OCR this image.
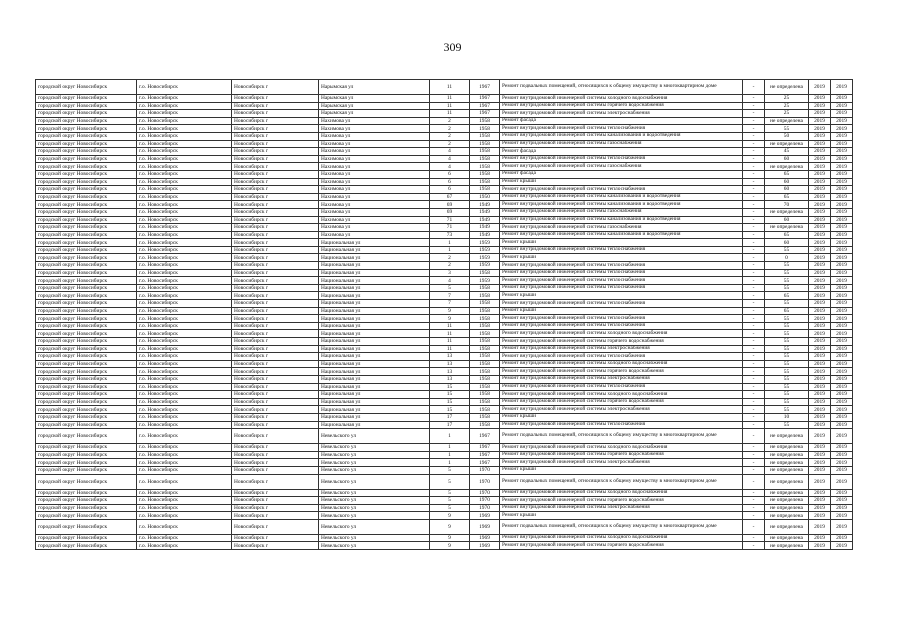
309
городской округ Новосибирск	г.о. Новосибирск	Новосибирск г	Нарымская ул	11	1967	Ремонт подвальных помещений, относящихся к общему имуществу в многоквартирном доме	-	не определена	2019	2019
городской округ Новосибирск	г.о. Новосибирск	Новосибирск г	Нарымская ул	11	1967	Ремонт внутридомовой инженерной системы холодного водоснабжения	-	25	2019	2019
городской округ Новосибирск	г.о. Новосибирск	Новосибирск г	Нарымская ул	11	1967	Ремонт внутридомовой инженерной системы горячего водоснабжения	-	25	2019	2019
городской округ Новосибирск	г.о. Новосибирск	Новосибирск г	Нарымская ул	11	1967	Ремонт внутридомовой инженерной системы электроснабжения	-	25	2019	2019
городской округ Новосибирск	г.о. Новосибирск	Новосибирск г	Нахимова ул	2	1958	Ремонт фасада	-	не определена	2019	2019
городской округ Новосибирск	г.о. Новосибирск	Новосибирск г	Нахимова ул	2	1958	Ремонт внутридомовой инженерной системы теплоснабжения	-	55	2019	2019
городской округ Новосибирск	г.о. Новосибирск	Новосибирск г	Нахимова ул	2	1958	Ремонт внутридомовой инженерной системы канализования и водоотведения	-	50	2019	2019
городской округ Новосибирск	г.о. Новосибирск	Новосибирск г	Нахимова ул	2	1958	Ремонт внутридомовой инженерной системы газоснабжения	-	не определена	2019	2019
городской округ Новосибирск	г.о. Новосибирск	Новосибирск г	Нахимова ул	4	1958	Ремонт фасада	-	45	2019	2019
городской округ Новосибирск	г.о. Новосибирск	Новосибирск г	Нахимова ул	4	1958	Ремонт внутридомовой инженерной системы теплоснабжения	-	60	2019	2019
городской округ Новосибирск	г.о. Новосибирск	Новосибирск г	Нахимова ул	4	1958	Ремонт внутридомовой инженерной системы газоснабжения	-	не определена	2019	2019
городской округ Новосибирск	г.о. Новосибирск	Новосибирск г	Нахимова ул	6	1958	Ремонт фасада	-	65	2019	2019
городской округ Новосибирск	г.о. Новосибирск	Новосибирск г	Нахимова ул	6	1958	Ремонт крыши	-	60	2019	2019
городской округ Новосибирск	г.о. Новосибирск	Новосибирск г	Нахимова ул	6	1958	Ремонт внутридомовой инженерной системы теплоснабжения	-	60	2019	2019
городской округ Новосибирск	г.о. Новосибирск	Новосибирск г	Нахимова ул	67	1950	Ремонт внутридомовой инженерной системы канализования и водоотведения	-	65	2019	2019
городской округ Новосибирск	г.о. Новосибирск	Новосибирск г	Нахимова ул	69	1949	Ремонт внутридомовой инженерной системы канализования и водоотведения	-	70	2019	2019
городской округ Новосибирск	г.о. Новосибирск	Новосибирск г	Нахимова ул	69	1949	Ремонт внутридомовой инженерной системы газоснабжения	-	не определена	2019	2019
городской округ Новосибирск	г.о. Новосибирск	Новосибирск г	Нахимова ул	71	1949	Ремонт внутридомовой инженерной системы канализования и водоотведения	-	60	2019	2019
городской округ Новосибирск	г.о. Новосибирск	Новосибирск г	Нахимова ул	71	1949	Ремонт внутридомовой инженерной системы газоснабжения	-	не определена	2019	2019
городской округ Новосибирск	г.о. Новосибирск	Новосибирск г	Нахимова ул	73	1949	Ремонт внутридомовой инженерной системы канализования и водоотведения	-	65	2019	2019
городской округ Новосибирск	г.о. Новосибирск	Новосибирск г	Национальная ул	1	1959	Ремонт крыши	-	60	2019	2019
городской округ Новосибирск	г.о. Новосибирск	Новосибирск г	Национальная ул	1	1959	Ремонт внутридомовой инженерной системы теплоснабжения	-	55	2019	2019
городской округ Новосибирск	г.о. Новосибирск	Новосибирск г	Национальная ул	2	1959	Ремонт крыши	-	0	2019	2019
городской округ Новосибирск	г.о. Новосибирск	Новосибирск г	Национальная ул	2	1959	Ремонт внутридомовой инженерной системы теплоснабжения	-	55	2019	2019
городской округ Новосибирск	г.о. Новосибирск	Новосибирск г	Национальная ул	3	1958	Ремонт внутридомовой инженерной системы теплоснабжения	-	55	2019	2019
городской округ Новосибирск	г.о. Новосибирск	Новосибирск г	Национальная ул	4	1959	Ремонт внутридомовой инженерной системы теплоснабжения	-	55	2019	2019
городской округ Новосибирск	г.о. Новосибирск	Новосибирск г	Национальная ул	5	1958	Ремонт внутридомовой инженерной системы теплоснабжения	-	55	2019	2019
городской округ Новосибирск	г.о. Новосибирск	Новосибирск г	Национальная ул	7	1958	Ремонт крыши	-	65	2019	2019
городской округ Новосибирск	г.о. Новосибирск	Новосибирск г	Национальная ул	7	1958	Ремонт внутридомовой инженерной системы теплоснабжения	-	55	2019	2019
городской округ Новосибирск	г.о. Новосибирск	Новосибирск г	Национальная ул	9	1958	Ремонт крыши	-	65	2019	2019
городской округ Новосибирск	г.о. Новосибирск	Новосибирск г	Национальная ул	9	1958	Ремонт внутридомовой инженерной системы теплоснабжения	-	55	2019	2019
городской округ Новосибирск	г.о. Новосибирск	Новосибирск г	Национальная ул	11	1958	Ремонт внутридомовой инженерной системы теплоснабжения	-	55	2019	2019
городской округ Новосибирск	г.о. Новосибирск	Новосибирск г	Национальная ул	11	1958	Ремонт внутридомовой инженерной системы холодного водоснабжения	-	55	2019	2019
городской округ Новосибирск	г.о. Новосибирск	Новосибирск г	Национальная ул	11	1958	Ремонт внутридомовой инженерной системы горячего водоснабжения	-	55	2019	2019
городской округ Новосибирск	г.о. Новосибирск	Новосибирск г	Национальная ул	11	1958	Ремонт внутридомовой инженерной системы электроснабжения	-	55	2019	2019
городской округ Новосибирск	г.о. Новосибирск	Новосибирск г	Национальная ул	13	1958	Ремонт внутридомовой инженерной системы теплоснабжения	-	55	2019	2019
городской округ Новосибирск	г.о. Новосибирск	Новосибирск г	Национальная ул	13	1958	Ремонт внутридомовой инженерной системы холодного водоснабжения	-	55	2019	2019
городской округ Новосибирск	г.о. Новосибирск	Новосибирск г	Национальная ул	13	1958	Ремонт внутридомовой инженерной системы горячего водоснабжения	-	55	2019	2019
городской округ Новосибирск	г.о. Новосибирск	Новосибирск г	Национальная ул	13	1958	Ремонт внутридомовой инженерной системы электроснабжения	-	55	2019	2019
городской округ Новосибирск	г.о. Новосибирск	Новосибирск г	Национальная ул	15	1958	Ремонт внутридомовой инженерной системы теплоснабжения	-	55	2019	2019
городской округ Новосибирск	г.о. Новосибирск	Новосибирск г	Национальная ул	15	1958	Ремонт внутридомовой инженерной системы холодного водоснабжения	-	55	2019	2019
городской округ Новосибирск	г.о. Новосибирск	Новосибирск г	Национальная ул	15	1958	Ремонт внутридомовой инженерной системы горячего водоснабжения	-	55	2019	2019
городской округ Новосибирск	г.о. Новосибирск	Новосибирск г	Национальная ул	15	1958	Ремонт внутридомовой инженерной системы электроснабжения	-	55	2019	2019
городской округ Новосибирск	г.о. Новосибирск	Новосибирск г	Национальная ул	17	1958	Ремонт крыши	-	10	2019	2019
городской округ Новосибирск	г.о. Новосибирск	Новосибирск г	Национальная ул	17	1958	Ремонт внутридомовой инженерной системы теплоснабжения	-	55	2019	2019
городской округ Новосибирск	г.о. Новосибирск	Новосибирск г	Невельского ул	1	1967	Ремонт подвальных помещений, относящихся к общему имуществу в многоквартирном доме	-	не определена	2019	2019
городской округ Новосибирск	г.о. Новосибирск	Новосибирск г	Невельского ул	1	1967	Ремонт внутридомовой инженерной системы холодного водоснабжения	-	не определена	2019	2019
городской округ Новосибирск	г.о. Новосибирск	Новосибирск г	Невельского ул	1	1967	Ремонт внутридомовой инженерной системы горячего водоснабжения	-	не определена	2019	2019
городской округ Новосибирск	г.о. Новосибирск	Новосибирск г	Невельского ул	1	1967	Ремонт внутридомовой инженерной системы электроснабжения	-	не определена	2019	2019
городской округ Новосибирск	г.о. Новосибирск	Новосибирск г	Невельского ул	5	1970	Ремонт крыши	-	не определена	2019	2019
городской округ Новосибирск	г.о. Новосибирск	Новосибирск г	Невельского ул	5	1970	Ремонт подвальных помещений, относящихся к общему имуществу в многоквартирном доме	-	не определена	2019	2019
городской округ Новосибирск	г.о. Новосибирск	Новосибирск г	Невельского ул	5	1970	Ремонт внутридомовой инженерной системы холодного водоснабжения	-	не определена	2019	2019
городской округ Новосибирск	г.о. Новосибирск	Новосибирск г	Невельского ул	5	1970	Ремонт внутридомовой инженерной системы горячего водоснабжения	-	не определена	2019	2019
городской округ Новосибирск	г.о. Новосибирск	Новосибирск г	Невельского ул	5	1970	Ремонт внутридомовой инженерной системы электроснабжения	-	не определена	2019	2019
городской округ Новосибирск	г.о. Новосибирск	Новосибирск г	Невельского ул	9	1969	Ремонт крыши	-	не определена	2019	2019
городской округ Новосибирск	г.о. Новосибирск	Новосибирск г	Невельского ул	9	1969	Ремонт подвальных помещений, относящихся к общему имуществу в многоквартирном доме	-	не определена	2019	2019
городской округ Новосибирск	г.о. Новосибирск	Новосибирск г	Невельского ул	9	1969	Ремонт внутридомовой инженерной системы холодного водоснабжения	-	не определена	2019	2019
городской округ Новосибирск	г.о. Новосибирск	Новосибирск г	Невельского ул	9	1969	Ремонт внутридомовой инженерной системы горячего водоснабжения	-	не определена	2019	2019
